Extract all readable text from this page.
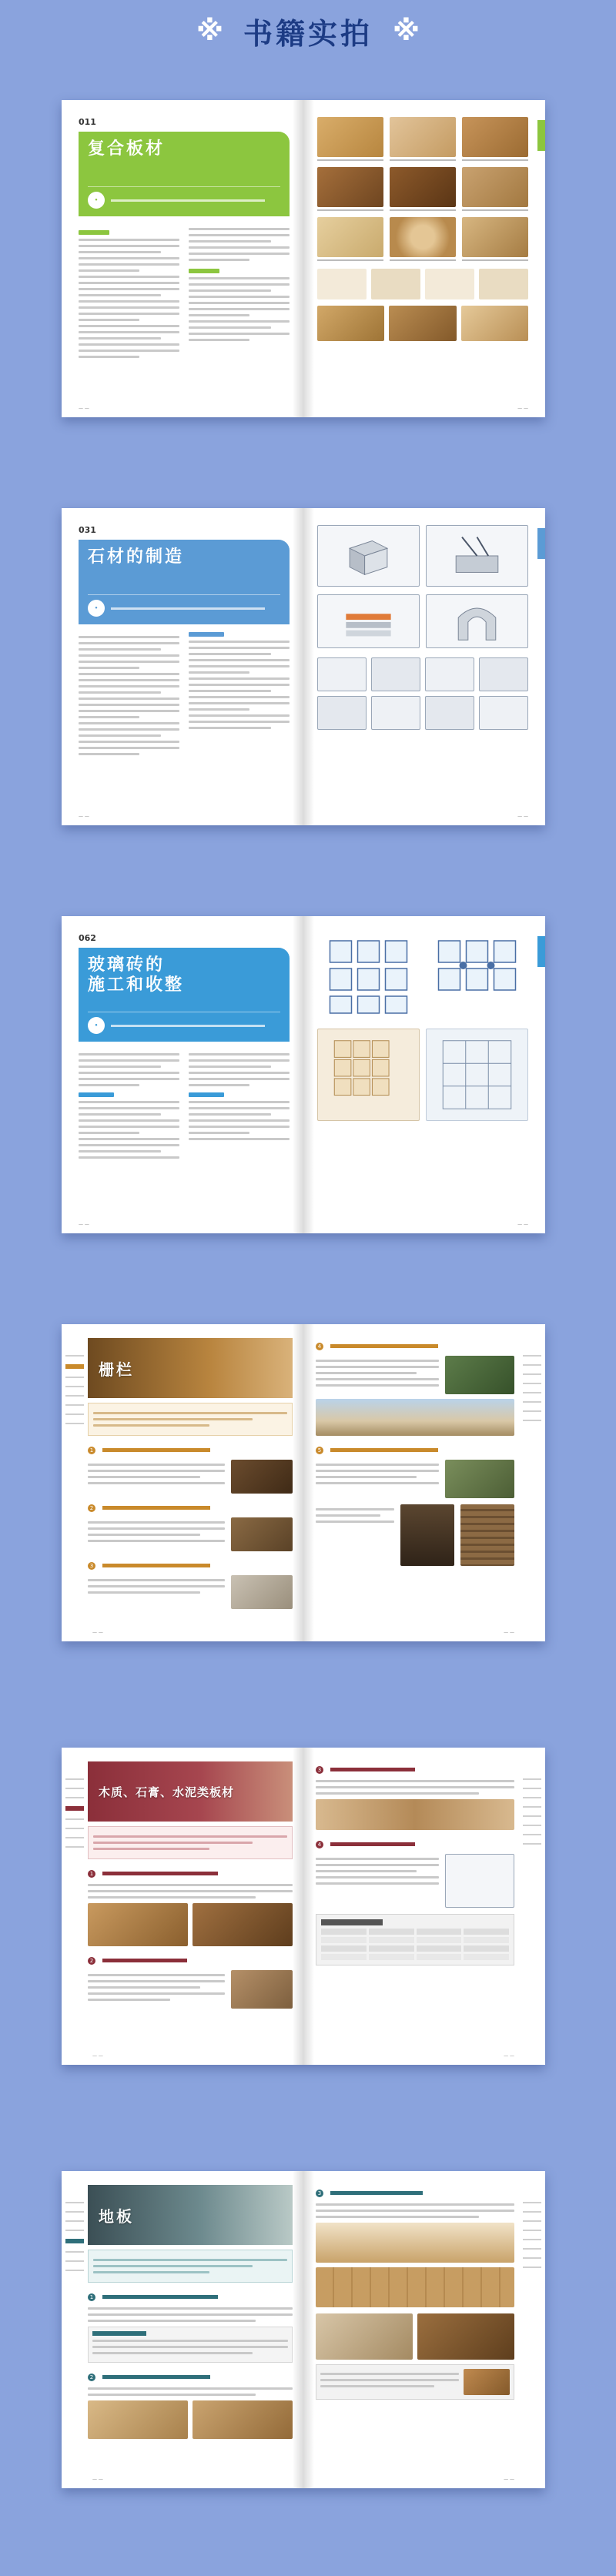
※ 书籍实拍 ※
011
复合板材
•
— —	— —
031
石材的制造
•
— —	— —
062
玻璃砖的
施工和收整
•
— —	— —
栅栏
1
2
3
— —
4
5
— —
木质、石膏、水泥类板材
1
2
— —
3
4
— —
地板
1
2
— —
3
— —
